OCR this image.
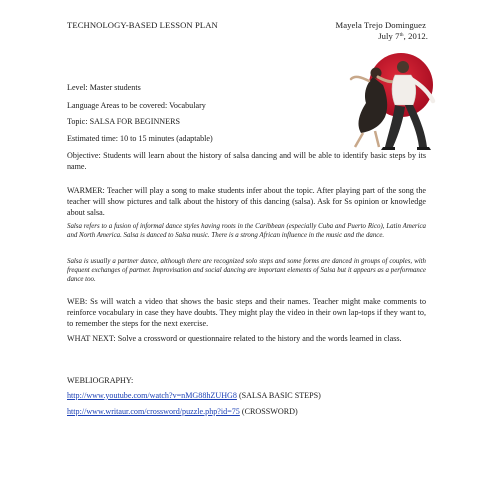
TECHNOLOGY-BASED LESSON PLAN	Mayela Trejo Dominguez
July 7th, 2012.
Level: Master students
Language Areas to be covered: Vocabulary
Topic: SALSA FOR BEGINNERS
Estimated time: 10 to 15 minutes (adaptable)
Objective: Students will learn about the history of salsa dancing and will be able to identify basic steps by its name.
WARMER: Teacher will play a song to make students infer about the topic. After playing part of the song the teacher will show pictures and talk about the history of this dancing (salsa). Ask for Ss opinion or knowledge about salsa.
Salsa refers to a fusion of informal dance styles having roots in the Caribbean (especially Cuba and Puerto Rico), Latin America and North America. Salsa is danced to Salsa music. There is a strong African influence in the music and the dance.
Salsa is usually a partner dance, although there are recognized solo steps and some forms are danced in groups of couples, with frequent exchanges of partner. Improvisation and social dancing are important elements of Salsa but it appears as a performance dance too.
WEB: Ss will watch a video that shows the basic steps and their names. Teacher might make comments to reinforce vocabulary in case they have doubts. They might play the video in their own lap-tops if they want to, to remember the steps for the next exercise.
WHAT NEXT: Solve a crossword or questionnaire related to the history and the words learned in class.
WEBLIOGRAPHY:
http://www.youtube.com/watch?v=nMG88hZUHG8 (SALSA BASIC STEPS)
http://www.writaur.com/crossword/puzzle.php?id=75 (CROSSWORD)
